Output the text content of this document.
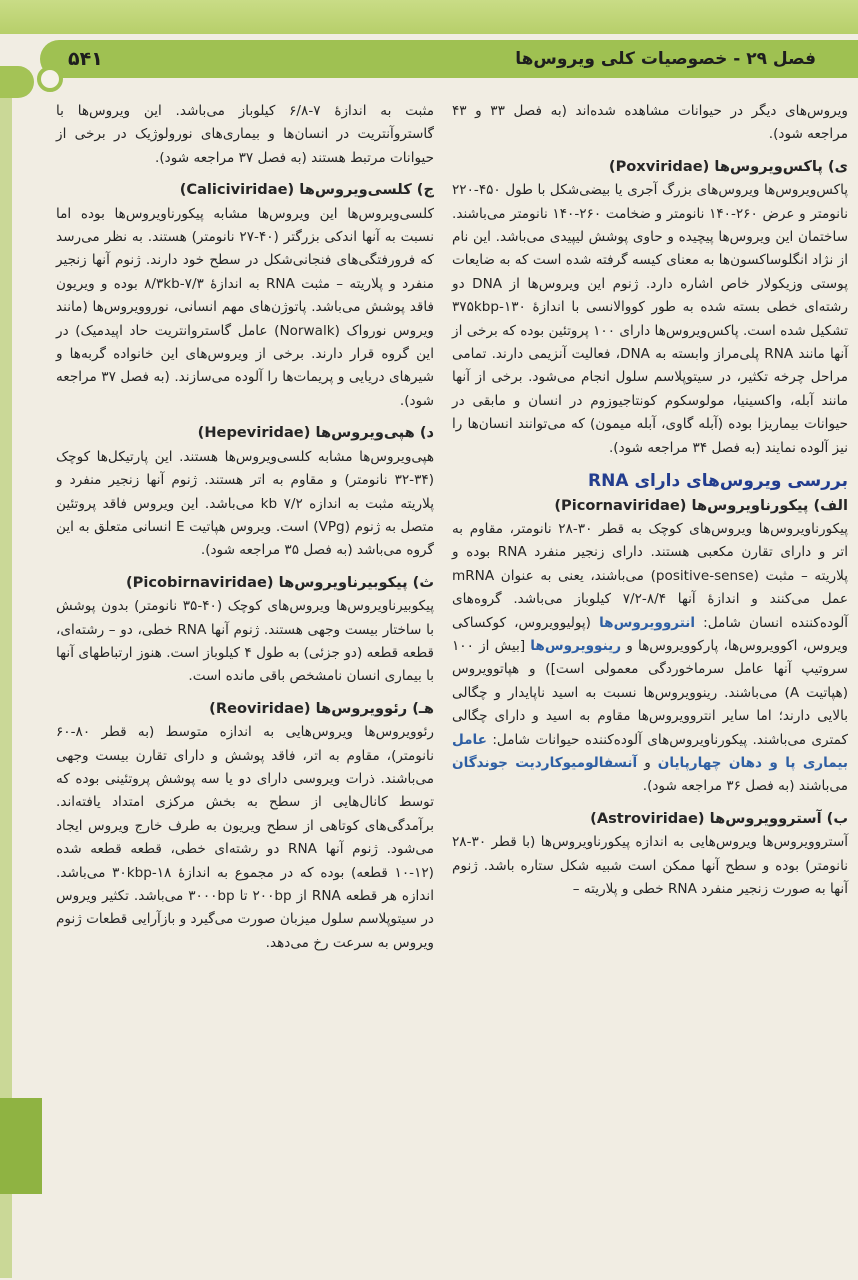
فصل ۲۹ - خصوصیات کلی ویروس‌ها
۵۴۱

ویروس‌های دیگر در حیوانات مشاهده شده‌اند (به فصل ۳۳ و ۴۳ مراجعه شود).

ی) پاکس‌ویروس‌ها (Poxviridae)

پاکس‌ویروس‌ها ویروس‌های بزرگ آجری یا بیضی‌شکل با طول ۴۵۰-۲۲۰ نانومتر و عرض ۲۶۰-۱۴۰ نانومتر و ضخامت ۲۶۰-۱۴۰ نانومتر می‌باشند. ساختمان این ویروس‌ها پیچیده و حاوی پوشش لیپیدی می‌باشد. این نام از نژاد انگلوساکسون‌ها به معنای کیسه گرفته شده است که به ضایعات پوستی وزیکولار خاص اشاره دارد. ژنوم این ویروس‌ها از DNA دو رشته‌ای خطی بسته شده به طور کووالانسی با اندازهٔ ۳۷۵kbp-۱۳۰ تشکیل شده است. پاکس‌ویروس‌ها دارای ۱۰۰ پروتئین بوده که برخی از آنها مانند RNA پلی‌مراز وابسته به DNA، فعالیت آنزیمی دارند. تمامی مراحل چرخه تکثیر، در سیتوپلاسم سلول انجام می‌شود. برخی از آنها مانند آبله، واکسینیا، مولوسکوم کونتاجیوزوم در انسان و مابقی در حیوانات بیماریزا بوده (آبله گاوی، آبله میمون) که می‌توانند انسان‌ها را نیز آلوده نمایند (به فصل ۳۴ مراجعه شود).

بررسی ویروس‌های دارای RNA
الف) پیکورناویروس‌ها (Picornaviridae)

پیکورناویروس‌ها ویروس‌های کوچک به قطر ۳۰-۲۸ نانومتر، مقاوم به اتر و دارای تقارن مکعبی هستند. دارای زنجیر منفرد RNA بوده و پلاریته – مثبت (positive-sense) می‌باشند، یعنی به عنوان mRNA عمل می‌کنند و اندازهٔ آنها ۸/۴-۷/۲ کیلوباز می‌باشد. گروه‌های آلوده‌کننده انسان شامل: انتروویروس‌ها (پولیوویروس، کوکساکی ویروس، اکوویروس‌ها، پارکوویروس‌ها و رینوویروس‌ها [بیش از ۱۰۰ سروتیپ آنها عامل سرماخوردگی معمولی است]) و هپاتوویروس (هپاتیت A) می‌باشند. رینوویروس‌ها نسبت به اسید ناپایدار و چگالی بالایی دارند؛ اما سایر انتروویروس‌ها مقاوم به اسید و دارای چگالی کمتری می‌باشند. پیکورناویروس‌های آلوده‌کننده حیوانات شامل: عامل بیماری پا و دهان چهارپایان و آنسفالومیوکاردیت جوندگان می‌باشند (به فصل ۳۶ مراجعه شود).

ب) آستروویروس‌ها (Astroviridae)

آستروویروس‌ها ویروس‌هایی به اندازه پیکورناویروس‌ها (با قطر ۳۰-۲۸ نانومتر) بوده و سطح آنها ممکن است شبیه شکل ستاره باشد. ژنوم آنها به صورت زنجیر منفرد RNA خطی و پلاریته –

مثبت به اندازهٔ ۷-۶/۸ کیلوباز می‌باشد. این ویروس‌ها با گاستروآنتریت در انسان‌ها و بیماری‌های نورولوژیک در برخی از حیوانات مرتبط هستند (به فصل ۳۷ مراجعه شود).

ج) کلسی‌ویروس‌ها (Caliciviridae)

کلسی‌ویروس‌ها این ویروس‌ها مشابه پیکورناویروس‌ها بوده اما نسبت به آنها اندکی بزرگتر (۴۰-۲۷ نانومتر) هستند. به نظر می‌رسد که فرورفتگی‌های فنجانی‌شکل در سطح خود دارند. ژنوم آنها زنجیر منفرد و پلاریته – مثبت RNA به اندازهٔ ۸/۳kb-۷/۳ بوده و ویریون فاقد پوشش می‌باشد. پاتوژن‌های مهم انسانی، نوروویروس‌ها (مانند ویروس نورواک (Norwalk) عامل گاستروانتریت حاد اپیدمیک) در این گروه قرار دارند. برخی از ویروس‌های این خانواده گربه‌ها و شیرهای دریایی و پریمات‌ها را آلوده می‌سازند. (به فصل ۳۷ مراجعه شود).

د) هپی‌ویروس‌ها (Hepeviridae)

هپی‌ویروس‌ها مشابه کلسی‌ویروس‌ها هستند. این پارتیکل‌ها کوچک (۳۴-۳۲ نانومتر) و مقاوم به اتر هستند. ژنوم آنها زنجیر منفرد و پلاریته مثبت به اندازه ۷/۲ kb می‌باشد. این ویروس فاقد پروتئین متصل به ژنوم (VPg) است. ویروس هپاتیت E انسانی متعلق به این گروه می‌باشد (به فصل ۳۵ مراجعه شود).

ث) پیکوبیرناویروس‌ها (Picobirnaviridae)

پیکوبیرناویروس‌ها ویروس‌های کوچک (۴۰-۳۵ نانومتر) بدون پوشش با ساختار بیست وجهی هستند. ژنوم آنها RNA خطی، دو – رشته‌ای، قطعه قطعه (دو جزئی) به طول ۴ کیلوباز است. هنوز ارتباطهای آنها با بیماری انسان نامشخص باقی مانده است.

هـ) رئوویروس‌ها (Reoviridae)

رئوویروس‌ها ویروس‌هایی به اندازه متوسط (به قطر ۸۰-۶۰ نانومتر)، مقاوم به اتر، فاقد پوشش و دارای تقارن بیست وجهی می‌باشند. ذرات ویروسی دارای دو یا سه پوشش پروتئینی بوده که توسط کانال‌هایی از سطح به بخش مرکزی امتداد یافته‌اند. برآمدگی‌های کوتاهی از سطح ویریون به طرف خارج ویروس ایجاد می‌شود. ژنوم آنها RNA دو رشته‌ای خطی، قطعه قطعه شده (۱۲-۱۰ قطعه) بوده که در مجموع به اندازهٔ ۳۰kbp-۱۸ می‌باشد. اندازه هر قطعه RNA از ۲۰۰bp تا ۳۰۰۰bp می‌باشد. تکثیر ویروس در سیتوپلاسم سلول میزبان صورت می‌گیرد و بازآرایی قطعات ژنوم ویروس به سرعت رخ می‌دهد.
